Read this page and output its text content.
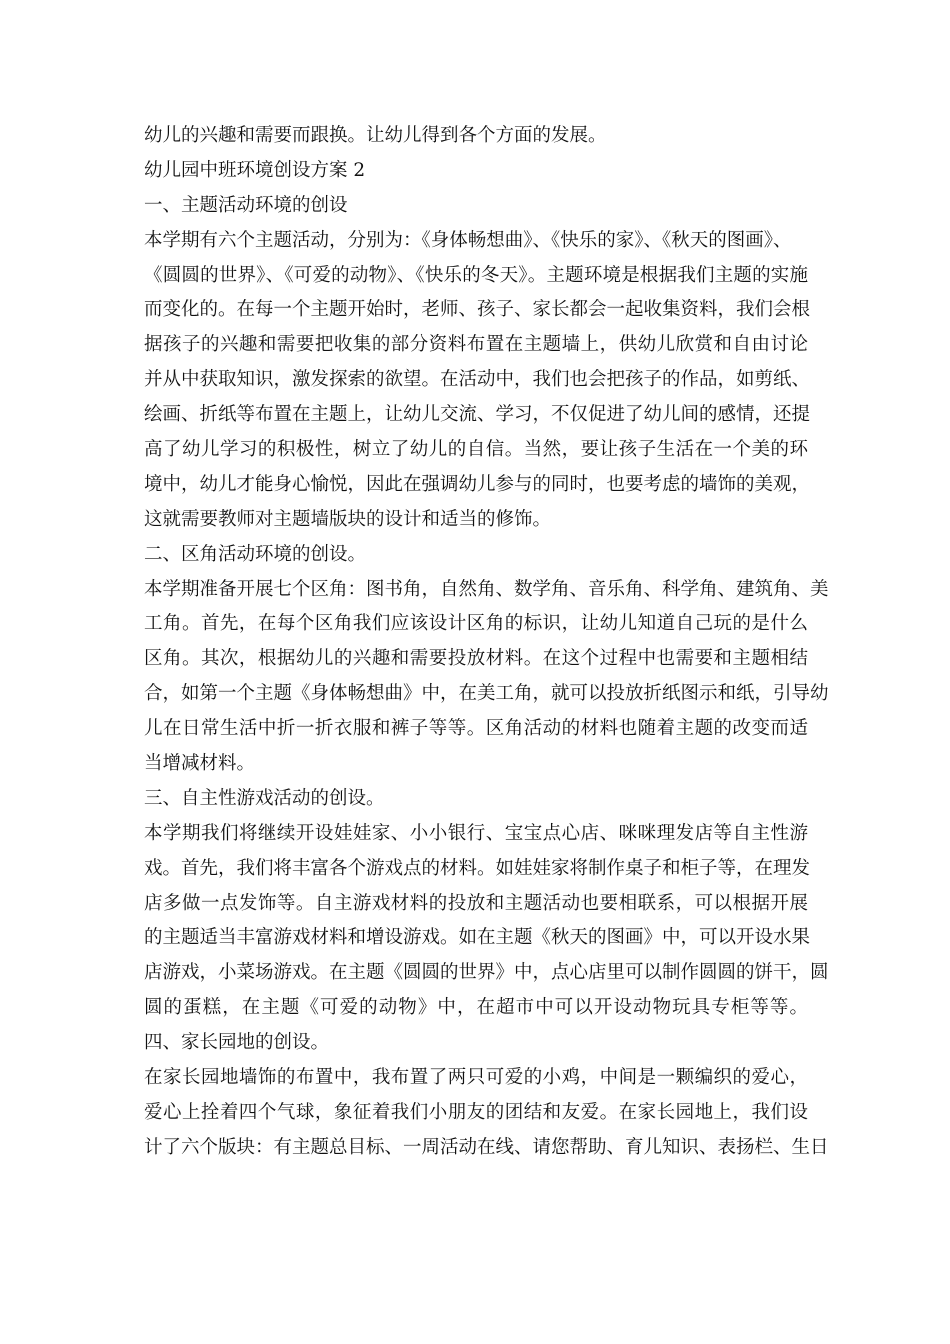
幼儿的兴趣和需要而跟换。让幼儿得到各个方面的发展。
幼儿园中班环境创设方案 2
一、主题活动环境的创设
本学期有六个主题活动，分别为：《身体畅想曲》、《快乐的家》、《秋天的图画》、
《圆圆的世界》、《可爱的动物》、《快乐的冬天》。主题环境是根据我们主题的实施
而变化的。在每一个主题开始时，老师、孩子、家长都会一起收集资料，我们会根
据孩子的兴趣和需要把收集的部分资料布置在主题墙上，供幼儿欣赏和自由讨论
并从中获取知识，激发探索的欲望。在活动中，我们也会把孩子的作品，如剪纸、
绘画、折纸等布置在主题上，让幼儿交流、学习，不仅促进了幼儿间的感情，还提
高了幼儿学习的积极性，树立了幼儿的自信。当然，要让孩子生活在一个美的环
境中，幼儿才能身心愉悦，因此在强调幼儿参与的同时，也要考虑的墙饰的美观，
这就需要教师对主题墙版块的设计和适当的修饰。
二、区角活动环境的创设。
本学期准备开展七个区角：图书角，自然角、数学角、音乐角、科学角、建筑角、美
工角。首先，在每个区角我们应该设计区角的标识，让幼儿知道自己玩的是什么
区角。其次，根据幼儿的兴趣和需要投放材料。在这个过程中也需要和主题相结
合，如第一个主题《身体畅想曲》中，在美工角，就可以投放折纸图示和纸，引导幼
儿在日常生活中折一折衣服和裤子等等。区角活动的材料也随着主题的改变而适
当增减材料。
三、自主性游戏活动的创设。
本学期我们将继续开设娃娃家、小小银行、宝宝点心店、咪咪理发店等自主性游
戏。首先，我们将丰富各个游戏点的材料。如娃娃家将制作桌子和柜子等，在理发
店多做一点发饰等。自主游戏材料的投放和主题活动也要相联系，可以根据开展
的主题适当丰富游戏材料和增设游戏。如在主题《秋天的图画》中，可以开设水果
店游戏，小菜场游戏。在主题《圆圆的世界》中，点心店里可以制作圆圆的饼干，圆
圆的蛋糕，在主题《可爱的动物》中，在超市中可以开设动物玩具专柜等等。
四、家长园地的创设。
在家长园地墙饰的布置中，我布置了两只可爱的小鸡，中间是一颗编织的爱心，
爱心上拴着四个气球，象征着我们小朋友的团结和友爱。在家长园地上，我们设
计了六个版块：有主题总目标、一周活动在线、请您帮助、育儿知识、表扬栏、生日
